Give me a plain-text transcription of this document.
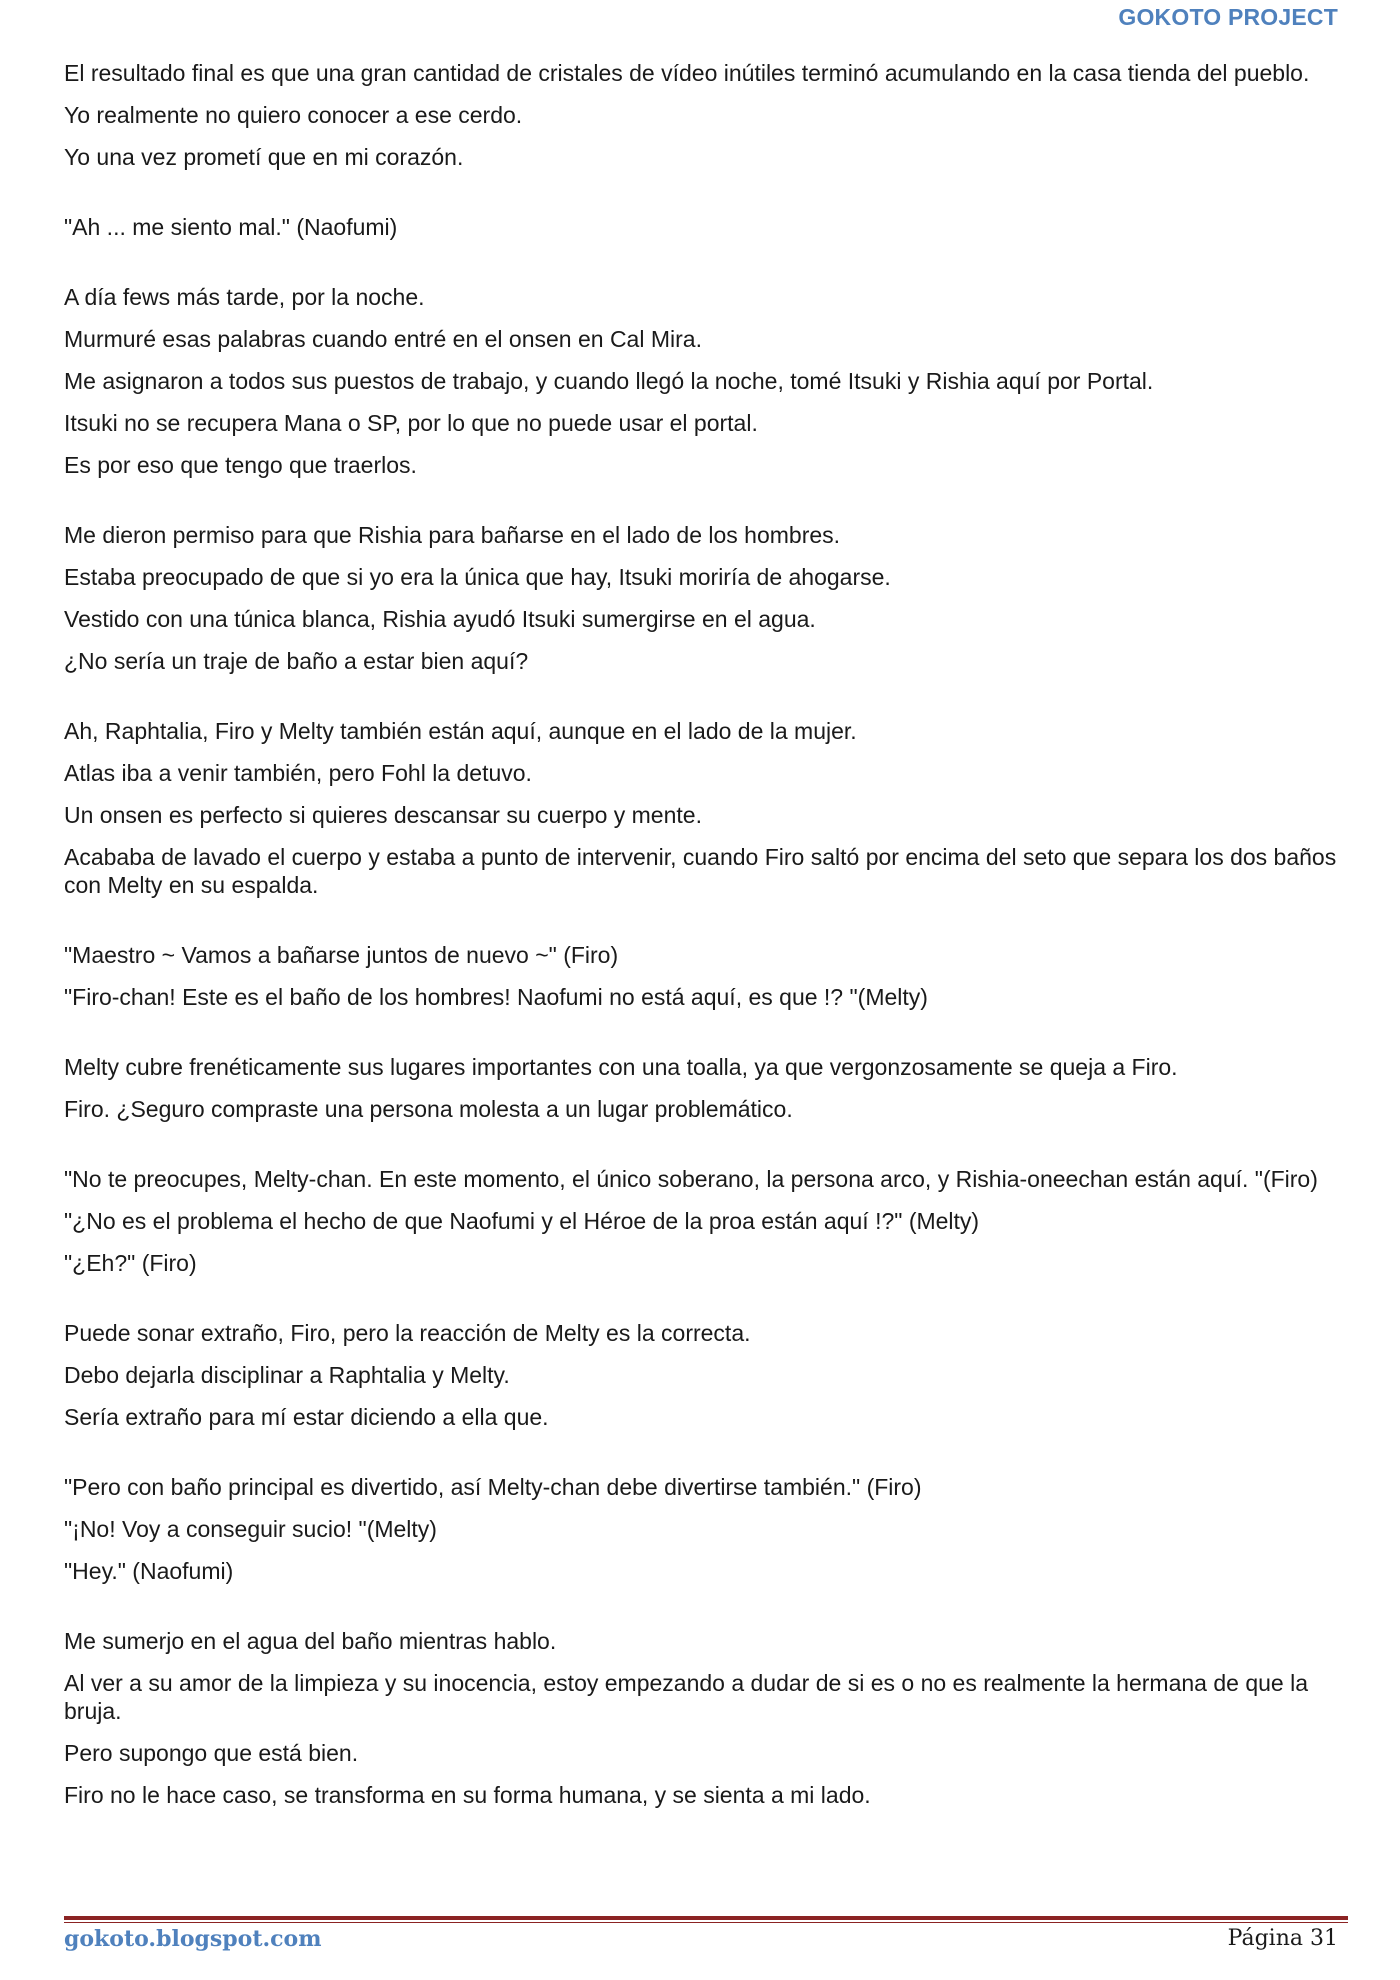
GOKOTO PROJECT

El resultado final es que una gran cantidad de cristales de vídeo inútiles terminó acumulando en la casa tienda del pueblo.

Yo realmente no quiero conocer a ese cerdo.

Yo una vez prometí que en mi corazón.

"Ah ... me siento mal." (Naofumi)

A día fews más tarde, por la noche.

Murmuré esas palabras cuando entré en el onsen en Cal Mira.

Me asignaron a todos sus puestos de trabajo, y cuando llegó la noche, tomé Itsuki y Rishia aquí por Portal.

Itsuki no se recupera Mana o SP, por lo que no puede usar el portal.

Es por eso que tengo que traerlos.

Me dieron permiso para que Rishia para bañarse en el lado de los hombres.

Estaba preocupado de que si yo era la única que hay, Itsuki moriría de ahogarse.

Vestido con una túnica blanca, Rishia ayudó Itsuki sumergirse en el agua.

¿No sería un traje de baño a estar bien aquí?

Ah, Raphtalia, Firo y Melty también están aquí, aunque en el lado de la mujer.

Atlas iba a venir también, pero Fohl la detuvo.

Un onsen es perfecto si quieres descansar su cuerpo y mente.

Acababa de lavado el cuerpo y estaba a punto de intervenir, cuando Firo saltó por encima del seto que separa los dos baños con Melty en su espalda.

"Maestro ~ Vamos a bañarse juntos de nuevo ~" (Firo)

"Firo-chan! Este es el baño de los hombres! Naofumi no está aquí, es que !? "(Melty)

Melty cubre frenéticamente sus lugares importantes con una toalla, ya que vergonzosamente se queja a Firo.

Firo. ¿Seguro compraste una persona molesta a un lugar problemático.

"No te preocupes, Melty-chan. En este momento, el único soberano, la persona arco, y Rishia-oneechan están aquí. "(Firo)

"¿No es el problema el hecho de que Naofumi y el Héroe de la proa están aquí !?" (Melty)

"¿Eh?" (Firo)

Puede sonar extraño, Firo, pero la reacción de Melty es la correcta.

Debo dejarla disciplinar a Raphtalia y Melty.

Sería extraño para mí estar diciendo a ella que.

"Pero con baño principal es divertido, así Melty-chan debe divertirse también." (Firo)

"¡No! Voy a conseguir sucio! "(Melty)

"Hey." (Naofumi)

Me sumerjo en el agua del baño mientras hablo.

Al ver a su amor de la limpieza y su inocencia, estoy empezando a dudar de si es o no es realmente la hermana de que la bruja.

Pero supongo que está bien.

Firo no le hace caso, se transforma en su forma humana, y se sienta a mi lado.

gokoto.blogspot.com	Página 31
